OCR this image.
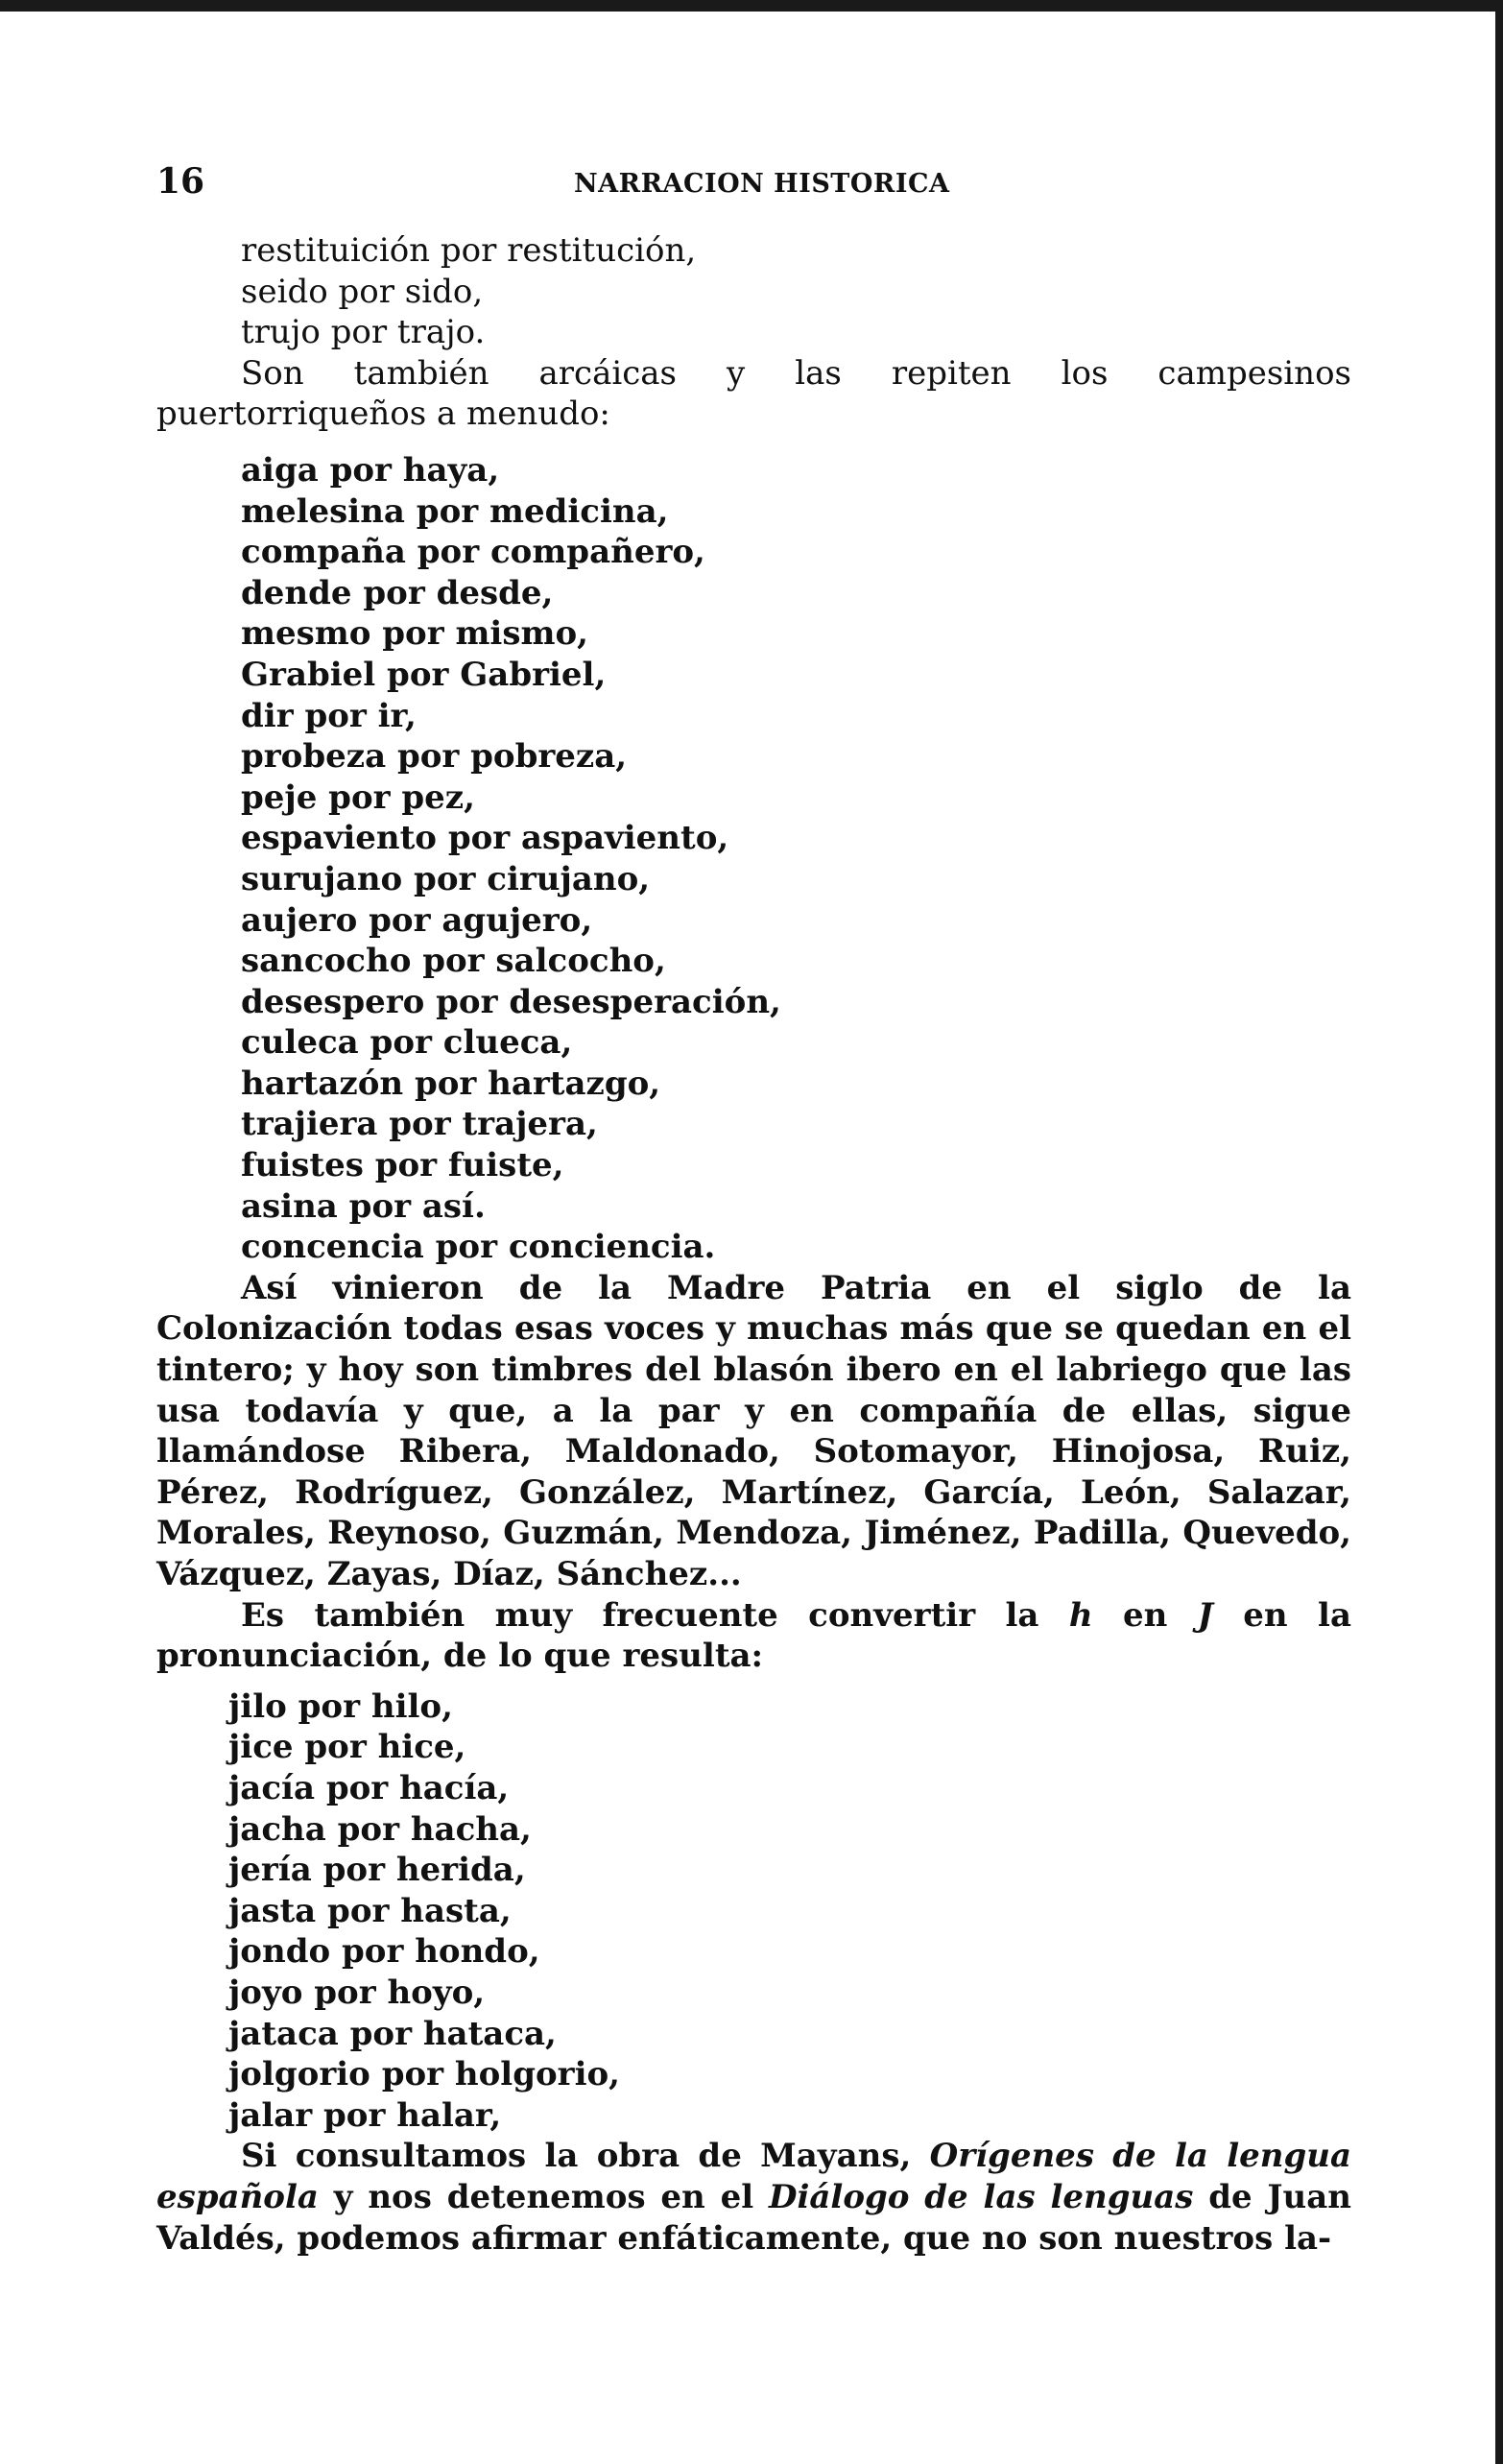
16	NARRACION HISTORICA
restituición por restitución,
seido por sido,
trujo por trajo.

Son también arcáicas y las repiten los campesinos puertorriqueños a menudo:

aiga por haya,
melesina por medicina,
compaña por compañero,
dende por desde,
mesmo por mismo,
Grabiel por Gabriel,
dir por ir,
probeza por pobreza,
peje por pez,
espaviento por aspaviento,
surujano por cirujano,
aujero por agujero,
sancocho por salcocho,
desespero por desesperación,
culeca por clueca,
hartazón por hartazgo,
trajiera por trajera,
fuistes por fuiste,
asina por así.
concencia por conciencia.

Así vinieron de la Madre Patria en el siglo de la Colonización todas esas voces y muchas más que se quedan en el tintero; y hoy son timbres del blasón ibero en el labriego que las usa todavía y que, a la par y en compañía de ellas, sigue llamándose Ribera, Maldonado, Sotomayor, Hinojosa, Ruiz, Pérez, Rodríguez, González, Martínez, García, León, Salazar, Morales, Reynoso, Guzmán, Mendoza, Jiménez, Padilla, Quevedo, Vázquez, Zayas, Díaz, Sánchez...

Es también muy frecuente convertir la h en J en la pronunciación, de lo que resulta:

jilo por hilo,
jice por hice,
jacía por hacía,
jacha por hacha,
jería por herida,
jasta por hasta,
jondo por hondo,
joyo por hoyo,
jataca por hataca,
jolgorio por holgorio,
jalar por halar,

Si consultamos la obra de Mayans, Orígenes de la lengua española y nos detenemos en el Diálogo de las lenguas de Juan Valdés, podemos afirmar enfáticamente, que no son nuestros la-
